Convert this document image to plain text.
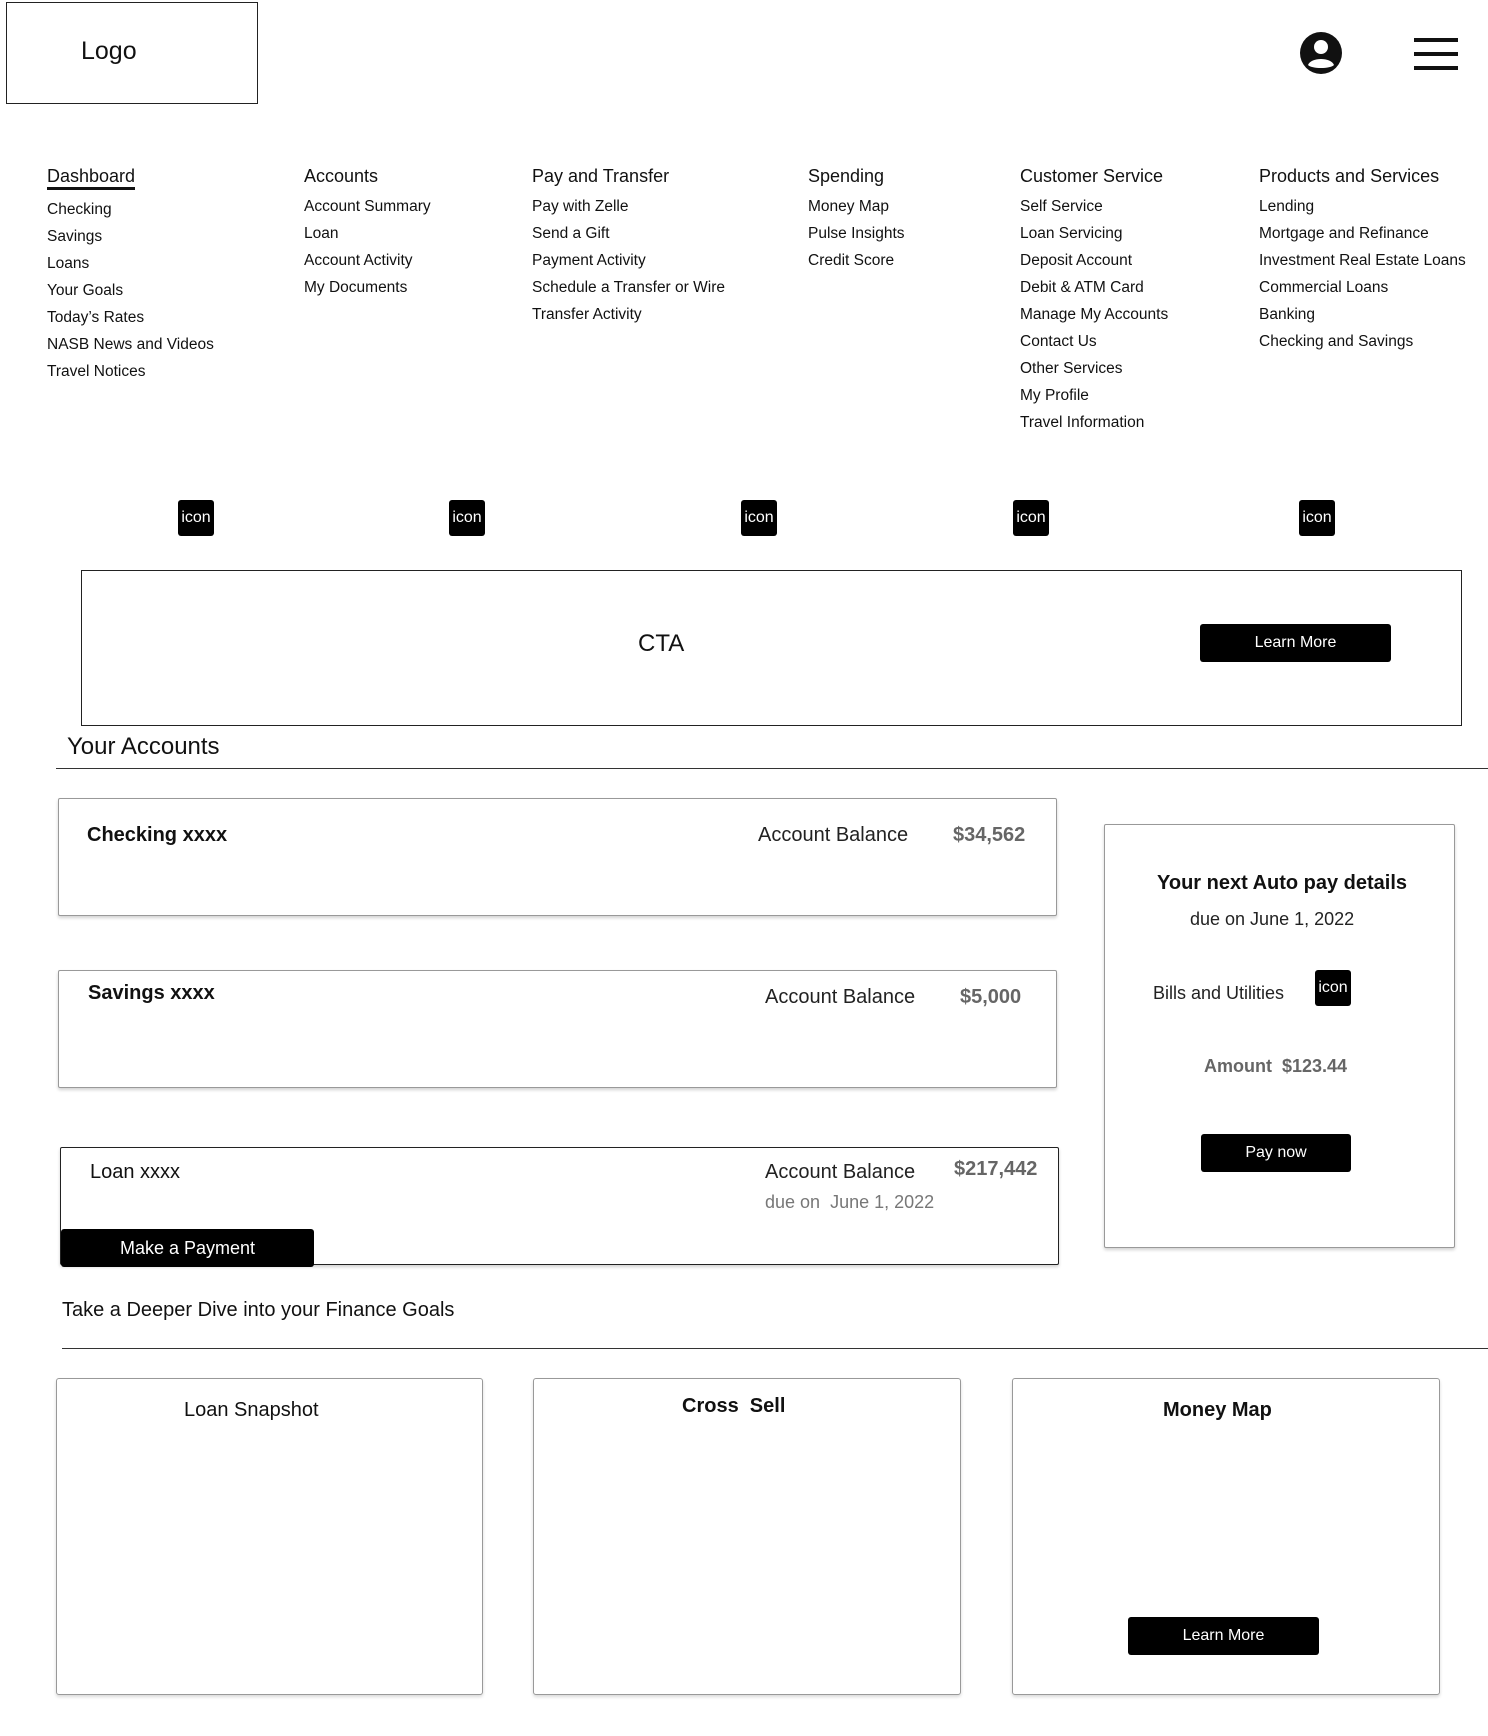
Logo
Dashboard
Checking
Savings
Loans
Your Goals
Today’s Rates
NASB News and Videos
Travel Notices
Accounts
Account Summary
Loan
Account Activity
My Documents
Pay and Transfer
Pay with Zelle
Send a Gift
Payment Activity
Schedule a Transfer or Wire
Transfer Activity
Spending
Money Map
Pulse Insights
Credit Score
Customer Service
Self Service
Loan Servicing
Deposit Account
Debit & ATM Card
Manage My Accounts
Contact Us
Other Services
My Profile
Travel Information
Products and Services
Lending
Mortgage and Refinance
Investment Real Estate Loans
Commercial Loans
Banking
Checking and Savings
icon	icon	icon	icon	icon
CTA	Learn More
Your Accounts
Checking xxxx	Account Balance $34,562
Savings xxxx	Account Balance $5,000
Loan xxxx	Account Balance $217,442
due on June 1, 2022
Make a Payment
Your next Auto pay details
due on June 1, 2022
Bills and Utilities icon
Amount $123.44
Pay now
Take a Deeper Dive into your Finance Goals
Loan Snapshot	Cross  Sell	Money Map
Learn More
